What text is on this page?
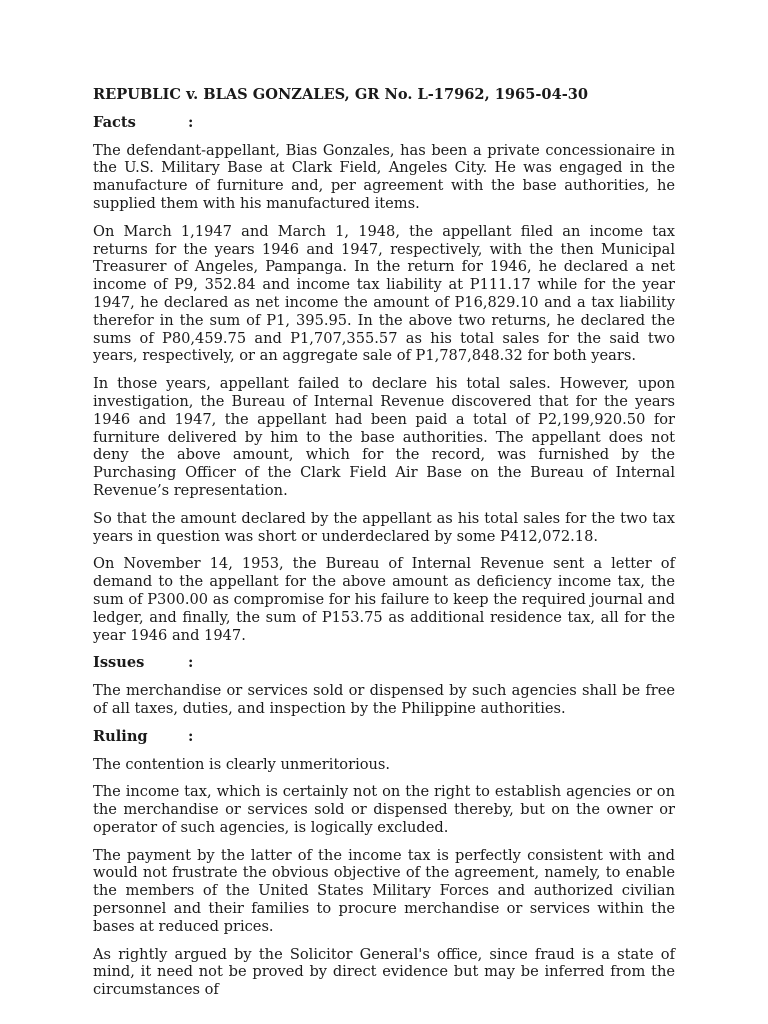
REPUBLIC v. BLAS GONZALES, GR No. L-17962, 1965-04-30
Facts	:

The defendant-appellant, Bias Gonzales, has been a private concessionaire in the U.S. Military Base at Clark Field, Angeles City. He was engaged in the manufacture of furniture and, per agreement with the base authorities, he supplied them with his manufactured items.

On March 1,1947 and March 1, 1948, the appellant filed an income tax returns for the years 1946 and 1947, respectively, with the then Municipal Treasurer of Angeles, Pampanga. In the return for 1946, he declared a net income of P9, 352.84 and income tax liability at P111.17 while for the year 1947, he declared as net income the amount of P16,829.10 and a tax liability therefor in the sum of P1, 395.95. In the above two returns, he declared the sums of P80,459.75 and P1,707,355.57 as his total sales for the said two years, respectively, or an aggregate sale of P1,787,848.32 for both years.

In those years, appellant failed to declare his total sales. However, upon investigation, the Bureau of Internal Revenue discovered that for the years 1946 and 1947, the appellant had been paid a total of P2,199,920.50 for furniture delivered by him to the base authorities. The appellant does not deny the above amount, which for the record, was furnished by the Purchasing Officer of the Clark Field Air Base on the Bureau of Internal Revenue’s representation.

So that the amount declared by the appellant as his total sales for the two tax years in question was short or underdeclared by some P412,072.18.

On November 14, 1953, the Bureau of Internal Revenue sent a letter of demand to the appellant for the above amount as deficiency income tax, the sum of P300.00 as compromise for his failure to keep the required journal and ledger, and finally, the sum of P153.75 as additional residence tax, all for the year 1946 and 1947.

Issues	:

The merchandise or services sold or dispensed by such agencies shall be free of all taxes, duties, and inspection by the Philippine authorities.

Ruling	:

The contention is clearly unmeritorious.

The income tax, which is certainly not on the right to establish agencies or on the merchandise or services sold or dispensed thereby, but on the owner or operator of such agencies, is logically excluded.

The payment by the latter of the income tax is perfectly consistent with and would not frustrate the obvious objective of the agreement, namely, to enable the members of the United States Military Forces and authorized civilian personnel and their families to procure merchandise or services within the bases at reduced prices.

As rightly argued by the Solicitor General's office, since fraud is a state of mind, it need not be proved by direct evidence but may be inferred from the circumstances of
